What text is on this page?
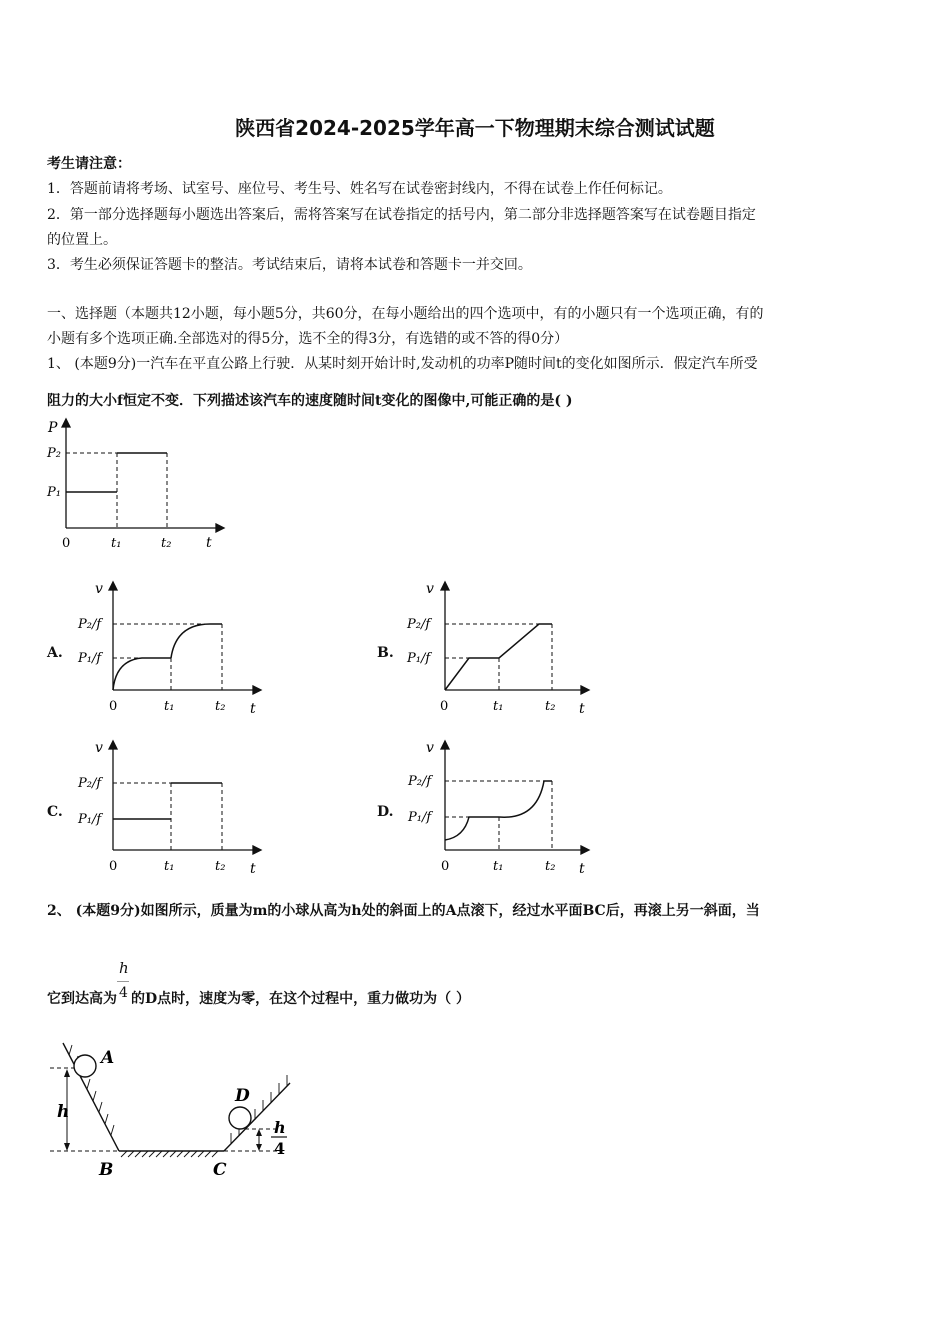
陕西省2024-2025学年高一下物理期末综合测试试题
考生请注意：
1．答题前请将考场、试室号、座位号、考生号、姓名写在试卷密封线内，不得在试卷上作任何标记。
2．第一部分选择题每小题选出答案后，需将答案写在试卷指定的括号内，第二部分非选择题答案写在试卷题目指定
的位置上。
3．考生必须保证答题卡的整洁。考试结束后，请将本试卷和答题卡一并交回。
一、选择题（本题共12小题，每小题5分，共60分，在每小题给出的四个选项中，有的小题只有一个选项正确，有的
小题有多个选项正确.全部选对的得5分，选不全的得3分，有选错的或不答的得0分）
1、 (本题9分)一汽车在平直公路上行驶．从某时刻开始计时,发动机的功率P随时间t的变化如图所示．假定汽车所受
阻力的大小f恒定不变．下列描述该汽车的速度随时间t变化的图像中,可能正确的是( )
P
P₂
P₁
0	t₁	t₂ t
A.
v
P₂/f
P₁/f
0	t₁	t₂ t
B.
v
P₂/f
P₁/f
0	t₁	t₂ t
C.
v
P₂/f
P₁/f
0	t₁	t₂ t
D.
v
P₂/f
P₁/f
0	t₁	t₂ t
2、 (本题9分)如图所示，质量为m的小球从高为h处的斜面上的A点滚下，经过水平面BC后，再滚上另一斜面，当
它到达高为 $\frac{h}{4}$ 的D点时，速度为零，在这个过程中，重力做功为（ ）
A
h
B	C
D
h
4
